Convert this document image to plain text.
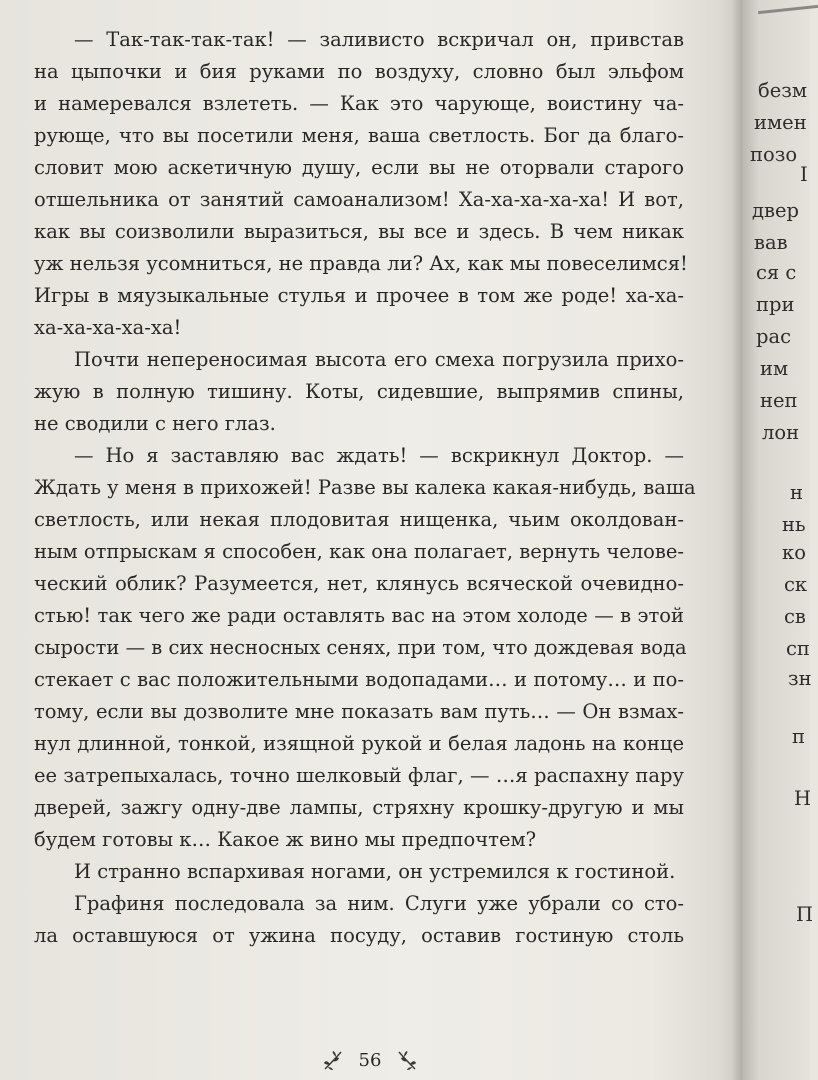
— Так-так-так-так! — заливисто вскричал он, привстав
на цыпочки и бия руками по воздуху, словно был эльфом
и намеревался взлететь. — Как это чарующе, воистину ча-
рующе, что вы посетили меня, ваша светлость. Бог да благо-
словит мою аскетичную душу, если вы не оторвали старого
отшельника от занятий самоанализом! Ха-ха-ха-ха-ха! И вот,
как вы соизволили выразиться, вы все и здесь. В чем никак
уж нельзя усомниться, не правда ли? Ах, как мы повеселимся!
Игры в мяузыкальные стулья и прочее в том же роде! ха-ха-
ха-ха-ха-ха-ха!
Почти непереносимая высота его смеха погрузила прихо-
жую в полную тишину. Коты, сидевшие, выпрямив спины,
не сводили с него глаз.
— Но я заставляю вас ждать! — вскрикнул Доктор. —
Ждать у меня в прихожей! Разве вы калека какая-нибудь, ваша
светлость, или некая плодовитая нищенка, чьим околдован-
ным отпрыскам я способен, как она полагает, вернуть челове-
ческий облик? Разумеется, нет, клянусь всяческой очевидно-
стью! так чего же ради оставлять вас на этом холоде — в этой
сырости — в сих несносных сенях, при том, что дождевая вода
стекает с вас положительными водопадами… и потому… и по-
тому, если вы дозволите мне показать вам путь… — Он взмах-
нул длинной, тонкой, изящной рукой и белая ладонь на конце
ее затрепыхалась, точно шелковый флаг, — …я распахну пару
дверей, зажгу одну-две лампы, стряхну крошку-другую и мы
будем готовы к… Какое ж вино мы предпочтем?
И странно вспархивая ногами, он устремился к гостиной.
Графиня последовала за ним. Слуги уже убрали со сто-
ла оставшуюся от ужина посуду, оставив гостиную столь
56
безм
имен
позо
I
двер
вав
ся с
при
рас
им
неп
лон
н
нь
ко
ск
св
сп
зн
п
Н
П
